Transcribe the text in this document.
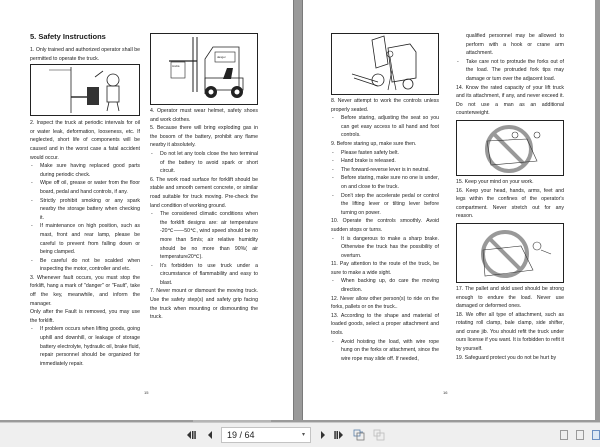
5. Safety Instructions

1. Only trained and authorized operator shall be permitted to operate the truck.

2. Inspect the truck at periodic intervals for oil or water leak, deformation, looseness, etc. If neglected, short life of components will be caused and in the worst case a fatal accident would occur.

- Make sure having replaced good parts during periodic check.

- Wipe off oil, grease or water from the floor board, pedal and hand controls, if any.

- Strictly prohibit smoking or any spark nearby the storage battery when checking it.

- If maintenance on high position, such as mast, front and rear lamp, please be careful to prevent from falling down or being clamped.

- Be careful do not be scalded when inspecting the motor, controller and etc.

3. Whenever fault occurs, you must stop the forklift, hang a mark of "danger" or "Fault", take off the key, meanwhile, and inform the manager.

Only after the Fault is removed, you may use the forklift.

- If problem occurs when lifting goods, going uphill and downhill, or leakage of storage battery electrolyte, hydraulic oil, brake fluid, repair personnel should be organized for immediately repair.

trouble
danger

4. Operator must wear helmet, safety shoes and work clothes.

5. Because there will bring exploding gas in the bosom of the battery, prohibit any flame nearby it absolutely.

- Do not let any tools close the two terminal of the battery to avoid spark or short circuit.

6. The work road surface for forklift should be stable and smooth cement concrete, or similar road suitable for truck moving. Pre-check the land condition of working ground.

- The considered climatic conditions when the forklift designs are: air temperature -20℃——50℃, wind speed should be no more than 5m/s; air relative humidity should be no more than 90%( air temperature20℃).

- It's forbidden to use truck under a circumstance of flammability and easy to blast.

7. Never mount or dismount the moving truck. Use the safety step(s) and safety grip facing the truck when mounting or dismounting the truck.

15

8. Never attempt to work the controls unless properly seated.

- Before staring, adjusting the seat so you can get easy access to all hand and foot controls.

9. Before staring up, make sure then.

- Please fasten safety belt.

- Hand brake is released.

- The forward-reverse lever is in neutral.

- Before staring, make sure no one is under, on and close to the truck.

- Don't step the accelerate pedal or control the lifting lever or tilting lever before turning on power.

10. Operate the controls smoothly. Avoid sudden stops or turns.

- It is dangerous to make a sharp brake. Otherwise the truck has the possibility of overturn.

11. Pay attention to the route of the truck, be sure to make a wide sight.

- When backing up, do care the moving direction.

12. Never allow other person(s) to ride on the forks, pallets or on the truck..

13. According to the shape and material of loaded goods, select a proper attachment and tools.

- Avoid hoisting the load, with wire rope hung on the forks or attachment, since the wire rope may slide off. If needed,

qualified personnel may be allowed to perform with a hook or crane arm attachment.

- Take care not to protrude the forks out of the load. The protruded fork tips may damage or turn over the adjacent load.

14. Know the rated capacity of your lift truck and its attachment, if any, and never exceed it. Do not use a man as an additional counterweight.

15. Keep your mind on your work.

16. Keep your head, hands, arms, feet and legs within the confines of the operator's compartment. Never stretch out for any reason.

17. The pallet and skid used should be strong enough to endure the load. Never use damaged or deformed ones.

18. We offer all type of attachment, such as rotating roll clamp, bale clamp, side shifter, and crane jib. You should refit the truck under ours license if you want. It is forbidden to refit it by yourself.

19. Safeguard protect you do not be hurt by

16
19 / 64	▾
